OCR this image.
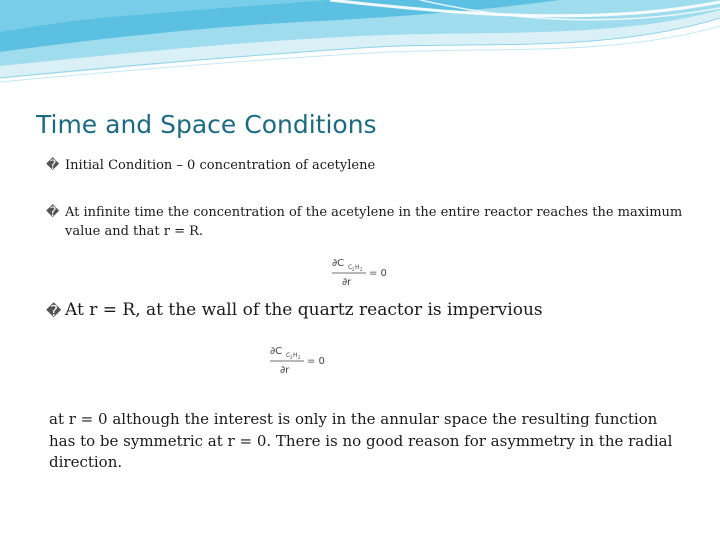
Time and Space Conditions
� Initial Condition – 0 concentration of acetylene
� At infinite time the concentration of the acetylene in the entire reactor reaches the maximum value and that r = R.
∂C C 2 H 2
∂r
= 0
� At r = R, at the wall of the quartz reactor is impervious
∂C C 2 H 2
∂r
= 0
at r = 0 although the interest is only in the annular space the resulting function has to be symmetric at r = 0. There is no good reason for asymmetry in the radial direction.
